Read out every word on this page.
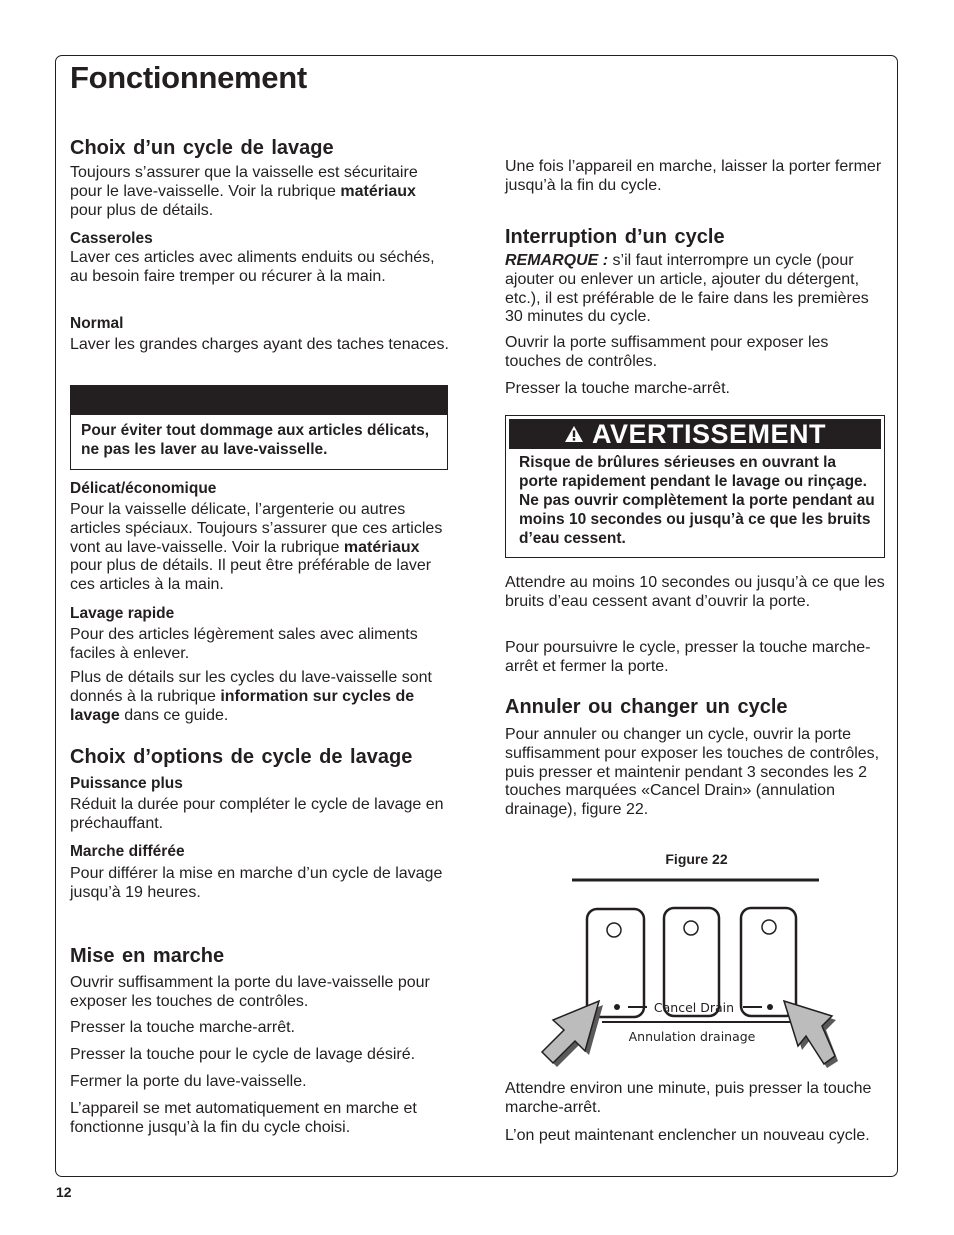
Fonctionnement
Choix d’un cycle de lavage

Toujours s’assurer que la vaisselle est sécuritaire pour le lave-vaisselle. Voir la rubrique matériaux pour plus de détails.

Casseroles

Laver ces articles avec aliments enduits ou séchés, au besoin faire tremper ou récurer à la main.

Normal

Laver les grandes charges ayant des taches tenaces.

Pour éviter tout dommage aux articles délicats, ne pas les laver au lave-vaisselle.
Délicat/économique

Pour la vaisselle délicate, l’argenterie ou autres articles spéciaux. Toujours s’assurer que ces articles vont au lave-vaisselle. Voir la rubrique matériaux pour plus de détails. Il peut être préférable de laver ces articles à la main.

Lavage rapide

Pour des articles légèrement sales avec aliments faciles à enlever.

Plus de détails sur les cycles du lave-vaisselle sont donnés à la rubrique information sur cycles de lavage dans ce guide.

Choix d’options de cycle de lavage
Puissance plus

Réduit la durée pour compléter le cycle de lavage en préchauffant.

Marche différée

Pour différer la mise en marche d’un cycle de lavage jusqu’à 19 heures.

Mise en marche

Ouvrir suffisamment la porte du lave-vaisselle pour exposer les touches de contrôles.

Presser la touche marche-arrêt.

Presser la touche pour le cycle de lavage désiré.

Fermer la porte du lave-vaisselle.

L’appareil se met automatiquement en marche et fonctionne jusqu’à la fin du cycle choisi.

Une fois l’appareil en marche, laisser la porter fermer jusqu’à la fin du cycle.

Interruption d’un cycle

REMARQUE : s’il faut interrompre un cycle (pour ajouter ou enlever un article, ajouter du détergent, etc.), il est préférable de le faire dans les premières 30 minutes du cycle.

Ouvrir la porte suffisamment pour exposer les touches de contrôles.

Presser la touche marche-arrêt.

AVERTISSEMENT
Risque de brûlures sérieuses en ouvrant la porte rapidement pendant le lavage ou rinçage. Ne pas ouvrir complètement la porte pendant au moins 10 secondes ou jusqu’à ce que les bruits d’eau cessent.

Attendre au moins 10 secondes ou jusqu’à ce que les bruits d’eau cessent avant d’ouvrir la porte.

Pour poursuivre le cycle, presser la touche marche-arrêt et fermer la porte.

Annuler ou changer un cycle

Pour annuler ou changer un cycle, ouvrir la porte suffisamment pour exposer les touches de contrôles, puis presser et maintenir pendant 3 secondes les 2 touches marquées «Cancel Drain» (annulation drainage), figure 22.

Figure 22
Cancel Drain
Annulation drainage

Attendre environ une minute, puis presser la touche marche-arrêt.

L’on peut maintenant enclencher un nouveau cycle.

12
